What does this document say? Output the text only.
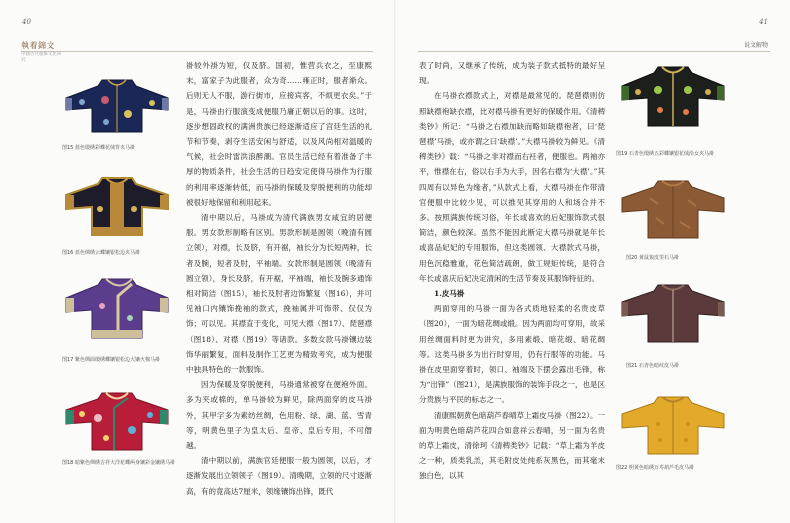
40
執着錦文
中國古代服飾文化研究
图15 蓝色缎绣彩蝶花绒背夹马褂
图16 蓝色绸绣云蝶镶银松边夹马褂
图17 紫色绸面缎绣蝶镶银松边大镶火棉马褂
图18 暗紫色绸绣吉祥大洋花蝶两身镶彩金镶绣马褂

褂较外褂为短，仅及脐。国初，惟营兵衣之，至康熙末，富家子为此服者，众为奇……雍正时，服者渐众。后则无人不服，游行街市，应接宾客，不烦更衣矣。”于是，马褂由行服演变成便服乃庸正朝以后的事。这时，逐步想固政权的满洲贵族已经逐渐适应了宫廷生活的礼节和节奏，剥夺生活安闲与舒适，以及风尚相对温暖的气候，社会时雷洪浪醉潮。官员生活已经有着准备了丰厚的物质条件，社会生活的日趋安定使得马褂作为行服的利用率逐渐转低，而马褂的保暖及穿脱便利的功能却被很好地保留和利用起来。

清中期以后，马褂成为清代满族男女咸宜的居便服。男女款形制略有区别。男款形制是圆领（晚清有圆立领），对襟，长及脐，有开裾，袖长分为长短两种，长者及腕，短者及肘，平袖端。女款形制是圆领（晚清有圆立领），身长及脐，有开裾，平袖端，袖长及腕多通饰相对简洁（图15），袖长及肘者边饰繁复（图16），并可见袖口内镶饰挽袖的款式，挽袖属并可饰带、仅仅为饰；可以见。其襟直于变化，可见大襟（图17）、琵琶襟（图18）、对襟（图19）等诸款。多数女款马褂镶边装饰华丽繁复，面料及制作工艺更为精致考究，成为便服中独具特色的一款服饰。

因为保暖及穿脱便利，马褂通常被穿在便袍外面。多为夹或棉的，单马褂较为鲜见，除两面穿的皮马褂外，其甲字多为素纺丝绸，色用粉、绿、湖、蓝、雪青等，明黄色里子为皇太后、皇帝、皇后专用，不可僭越。

清中期以前，满族官廷便服一般为圆领，以后，才逐渐发展出立领领子（图19）。清晚期，立领的尺寸逐渐高，有的竟高达7厘米，领缘镶饰出锋，既代

41
说文解物

表了时尚，又继承了传统，成为装子款式抵特的最好呈现。

在马褂衣襟款式上，对襟是最常见的。琵琶襟则仿照缺襟袍缺衣襟，比对襟马褂有更好的保暖作用。《清稗类钞》所记：“马褂之右襟加缺而略如缺襟袍者，曰‘琵琶襟’马褂，或亦谓之曰‘缺襟’。”大襟马褂较为鲜见。《清稗类钞》载：“马褂之非对襟而右衽者，便服也。两袖亦平，惟襟在右，俗以右手为大手，因名右襟为‘大襟’。”其四周有以异色为缘者，”从款式上看，大襟马褂在作带清官便服中比较少见，可以推见其穿用的人和场合并不多。按照满族传统习俗，年长或喜欢的后妃服饰款式很简洁，颜色较深。虽然不能因此断定大襟马褂就是年长或喜品妃妃的专用服饰，但这类圆领、大襟款式马褂，用色沉稳雅重，花色简洁疏朗，做工规矩传统，是符合年长或喜庆后妃决定清闲的生活节奏及其服饰特征的。

1.皮马褂

两面穿用的马褂一面为各式质地轻柔的名贵皮草（图20），一面为暗花绸或缎。因为两面均可穿用，故采用丝绸面料时更为讲究，多用素缎、暗花缎、暗花绸等。这类马褂多为出行时穿用，仍有行服等的功能。马褂在皮里面穿着时，领口、袖端及下摆会露出毛锋，称为“出锋”（图21），是满族服饰的装饰手段之一，也是区分贵族与平民的标志之一。

清康熙朝黄色暗葫芦春晴草上霜皮马褂（图22）。一面为明黄色暗葫芦花四合如意祥云春晴，另一面为名贵的草上霜皮，清徐珂《清稗类钞》记载：“草上霜为羊皮之一种，质类乳羔，其毛附皮处纯系灰黑色，而其毫末独白色，以其

图19 石青色缎绣五彩蝶镶银花绒沿女夹马褂
图20 黄鼠狼皮里石马褂
图21 石青色暗纹皮马褂
图22 明黄色暗绣万寿葫芦毛皮马褂
